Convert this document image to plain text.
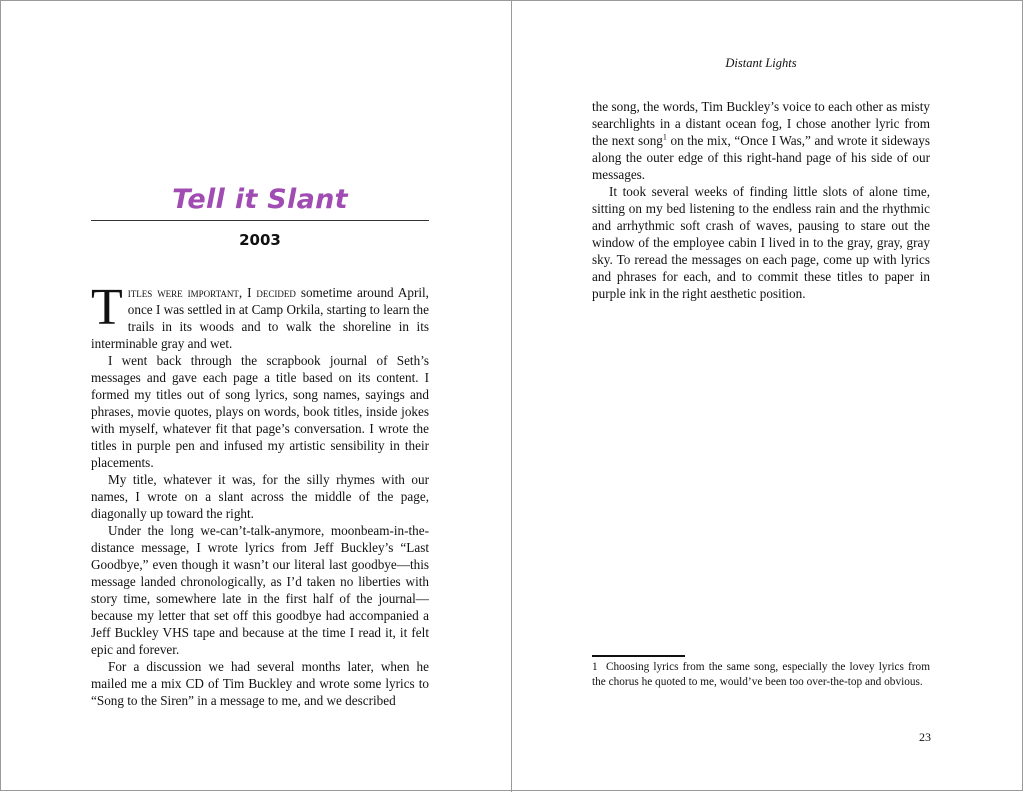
Tell it Slant
2003

Titles were important, I decided sometime around April, once I was settled in at Camp Orkila, starting to learn the trails in its woods and to walk the shoreline in its interminable gray and wet.

I went back through the scrapbook journal of Seth’s messages and gave each page a title based on its content. I formed my titles out of song lyrics, song names, sayings and phrases, movie quotes, plays on words, book titles, inside jokes with myself, whatever fit that page’s conversation. I wrote the titles in purple pen and infused my artistic sensibility in their placements.

My title, whatever it was, for the silly rhymes with our names, I wrote on a slant across the middle of the page, diagonally up toward the right.

Under the long we-can’t-talk-anymore, moonbeam-in-the-distance message, I wrote lyrics from Jeff Buckley’s “Last Goodbye,” even though it wasn’t our literal last goodbye—this message landed chronologically, as I’d taken no liberties with story time, somewhere late in the first half of the journal—because my letter that set off this goodbye had accompanied a Jeff Buckley VHS tape and because at the time I read it, it felt epic and forever.

For a discussion we had several months later, when he mailed me a mix CD of Tim Buckley and wrote some lyrics to “Song to the Siren” in a message to me, and we described

Distant Lights

the song, the words, Tim Buckley’s voice to each other as misty searchlights in a distant ocean fog, I chose another lyric from the next song$^1$ on the mix, “Once I Was,” and wrote it sideways along the outer edge of this right-hand page of his side of our messages.

It took several weeks of finding little slots of alone time, sitting on my bed listening to the endless rain and the rhythmic and arrhythmic soft crash of waves, pausing to stare out the window of the employee cabin I lived in to the gray, gray, gray sky. To reread the messages on each page, come up with lyrics and phrases for each, and to commit these titles to paper in purple ink in the right aesthetic position.

1 Choosing lyrics from the same song, especially the lovey lyrics from the chorus he quoted to me, would’ve been too over-the-top and obvious.
23
